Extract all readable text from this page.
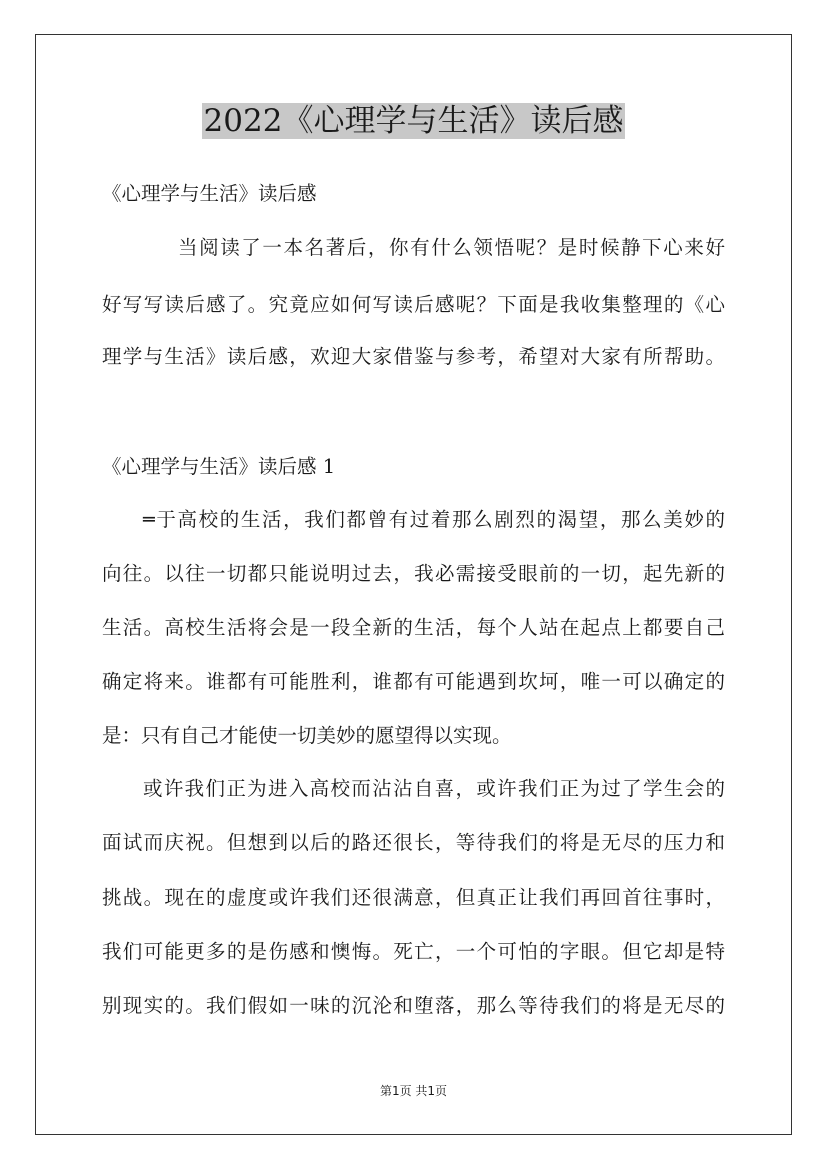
2022《心理学与生活》读后感
《心理学与生活》读后感
当阅读了一本名著后，你有什么领悟呢？是时候静下心来好
好写写读后感了。究竟应如何写读后感呢？下面是我收集整理的《心
理学与生活》读后感，欢迎大家借鉴与参考，希望对大家有所帮助。
《心理学与生活》读后感 1
═于高校的生活，我们都曾有过着那么剧烈的渴望，那么美妙的
向往。以往一切都只能说明过去，我必需接受眼前的一切，起先新的
生活。高校生活将会是一段全新的生活，每个人站在起点上都要自己
确定将来。谁都有可能胜利，谁都有可能遇到坎坷，唯一可以确定的
是：只有自己才能使一切美妙的愿望得以实现。
或许我们正为进入高校而沾沾自喜，或许我们正为过了学生会的
面试而庆祝。但想到以后的路还很长，等待我们的将是无尽的压力和
挑战。现在的虚度或许我们还很满意，但真正让我们再回首往事时，
我们可能更多的是伤感和懊悔。死亡，一个可怕的字眼。但它却是特
别现实的。我们假如一味的沉沦和堕落，那么等待我们的将是无尽的
第1页 共1页
